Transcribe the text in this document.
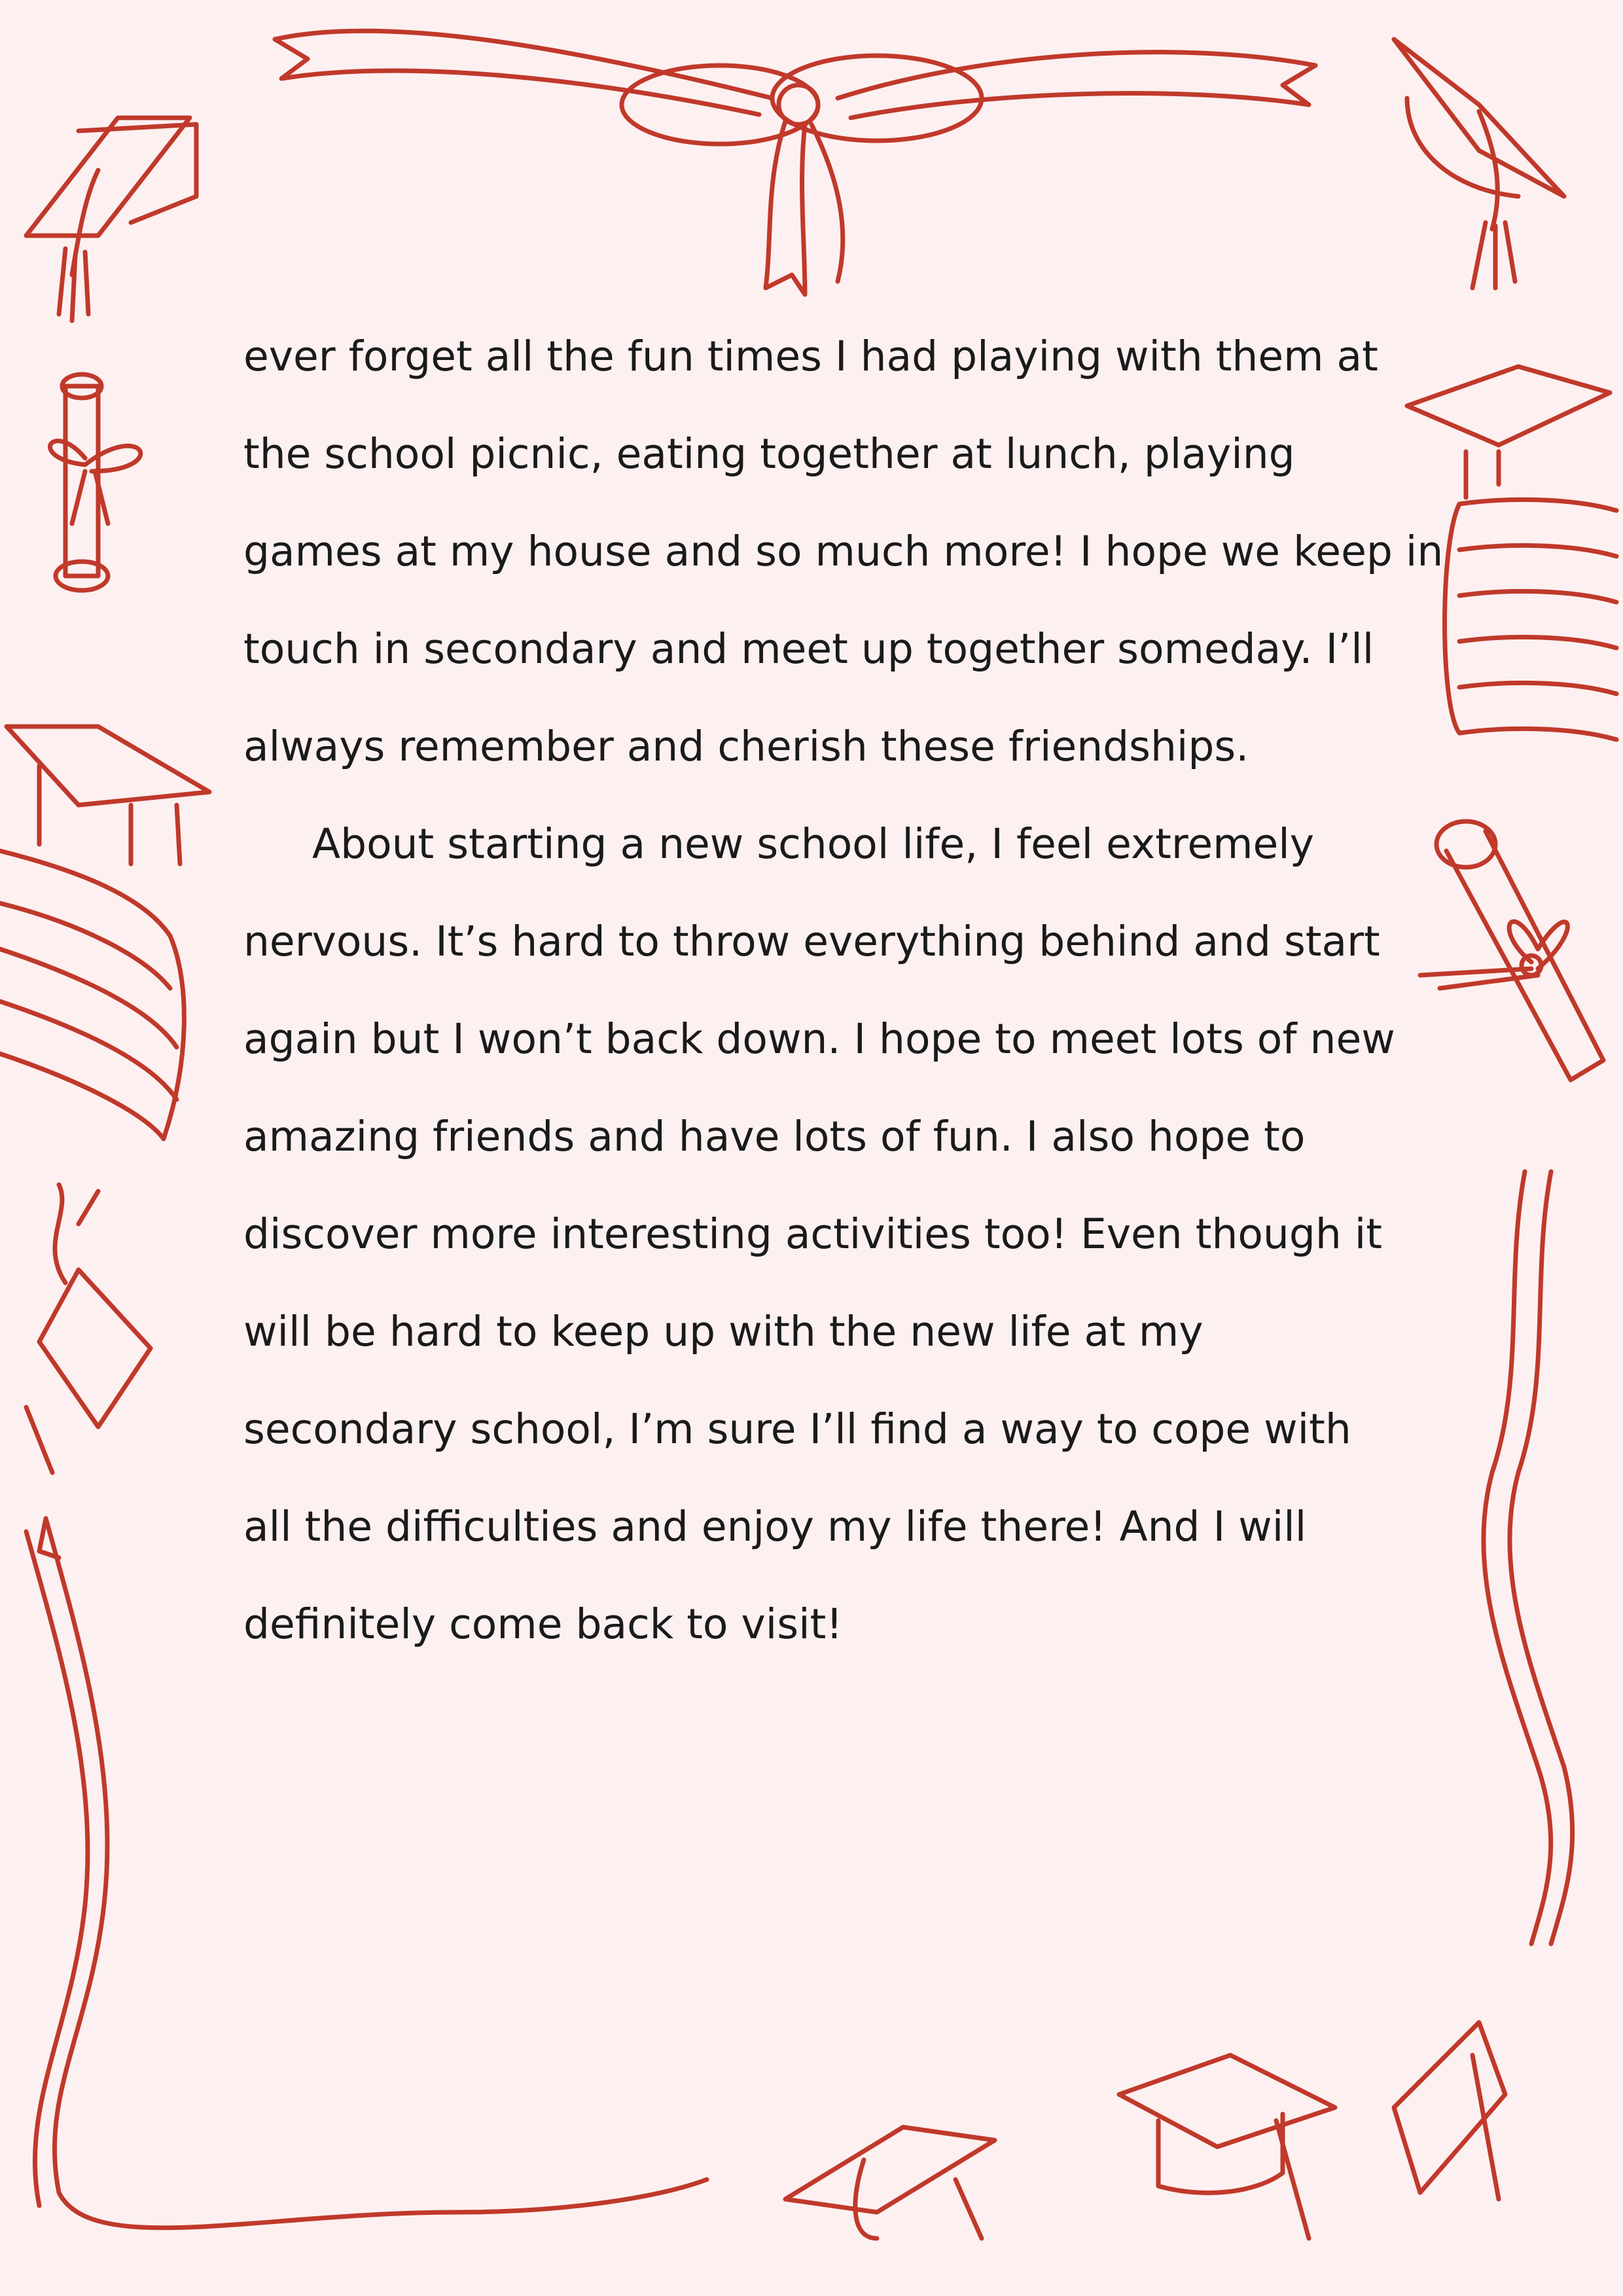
ever forget all the fun times I had playing with them at
the school picnic, eating together at lunch, playing
games at my house and so much more! I hope we keep in
touch in secondary and meet up together someday. I’ll
always remember and cherish these friendships.
About starting a new school life, I feel extremely
nervous. It’s hard to throw everything behind and start
again but I won’t back down. I hope to meet lots of new
amazing friends and have lots of fun. I also hope to
discover more interesting activities too! Even though it
will be hard to keep up with the new life at my
secondary school, I’m sure I’ll find a way to cope with
all the difficulties and enjoy my life there! And I will
definitely come back to visit!
